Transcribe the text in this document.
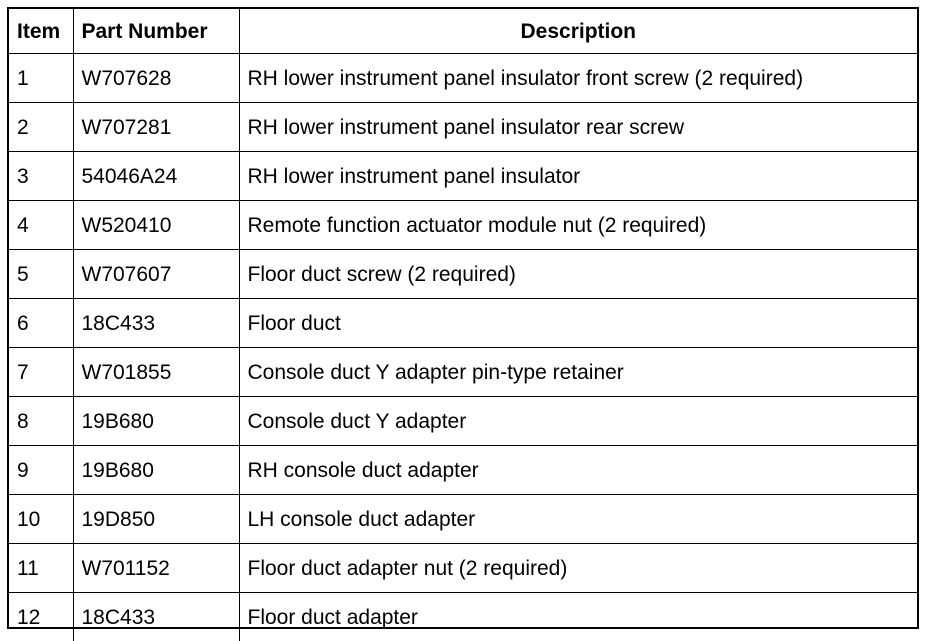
Item	Part Number	Description
1	W707628	RH lower instrument panel insulator front screw (2 required)
2	W707281	RH lower instrument panel insulator rear screw
3	54046A24	RH lower instrument panel insulator
4	W520410	Remote function actuator module nut (2 required)
5	W707607	Floor duct screw (2 required)
6	18C433	Floor duct
7	W701855	Console duct Y adapter pin-type retainer
8	19B680	Console duct Y adapter
9	19B680	RH console duct adapter
10	19D850	LH console duct adapter
11	W701152	Floor duct adapter nut (2 required)
12	18C433	Floor duct adapter
